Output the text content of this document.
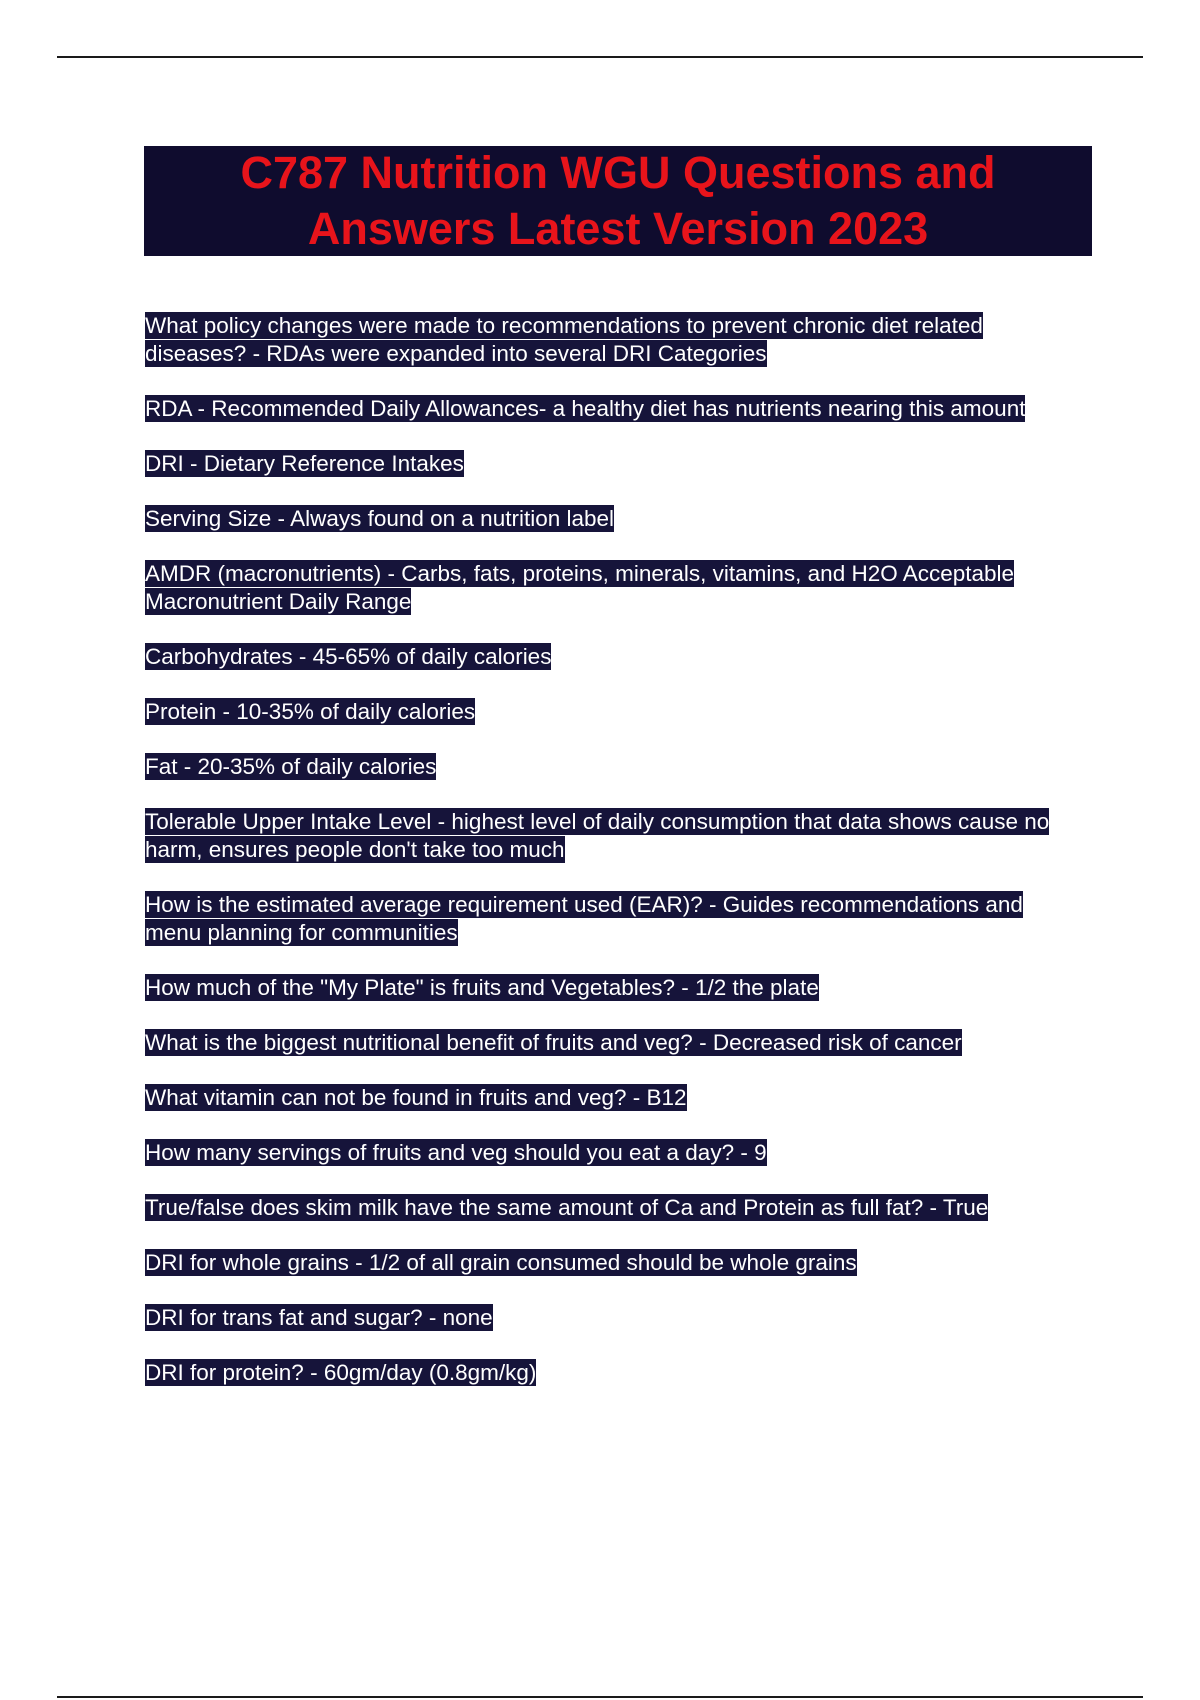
C787 Nutrition WGU Questions and
Answers Latest Version 2023
What policy changes were made to recommendations to prevent chronic diet related diseases? - RDAs were expanded into several DRI Categories
RDA - Recommended Daily Allowances- a healthy diet has nutrients nearing this amount
DRI - Dietary Reference Intakes
Serving Size - Always found on a nutrition label
AMDR (macronutrients) - Carbs, fats, proteins, minerals, vitamins, and H2O Acceptable Macronutrient Daily Range
Carbohydrates - 45-65% of daily calories
Protein - 10-35% of daily calories
Fat - 20-35% of daily calories
Tolerable Upper Intake Level - highest level of daily consumption that data shows cause no harm, ensures people don't take too much
How is the estimated average requirement used (EAR)? - Guides recommendations and menu planning for communities
How much of the "My Plate" is fruits and Vegetables? - 1/2 the plate
What is the biggest nutritional benefit of fruits and veg? - Decreased risk of cancer
What vitamin can not be found in fruits and veg? - B12
How many servings of fruits and veg should you eat a day? - 9
True/false does skim milk have the same amount of Ca and Protein as full fat? - True
DRI for whole grains - 1/2 of all grain consumed should be whole grains
DRI for trans fat and sugar? - none
DRI for protein? - 60gm/day (0.8gm/kg)
